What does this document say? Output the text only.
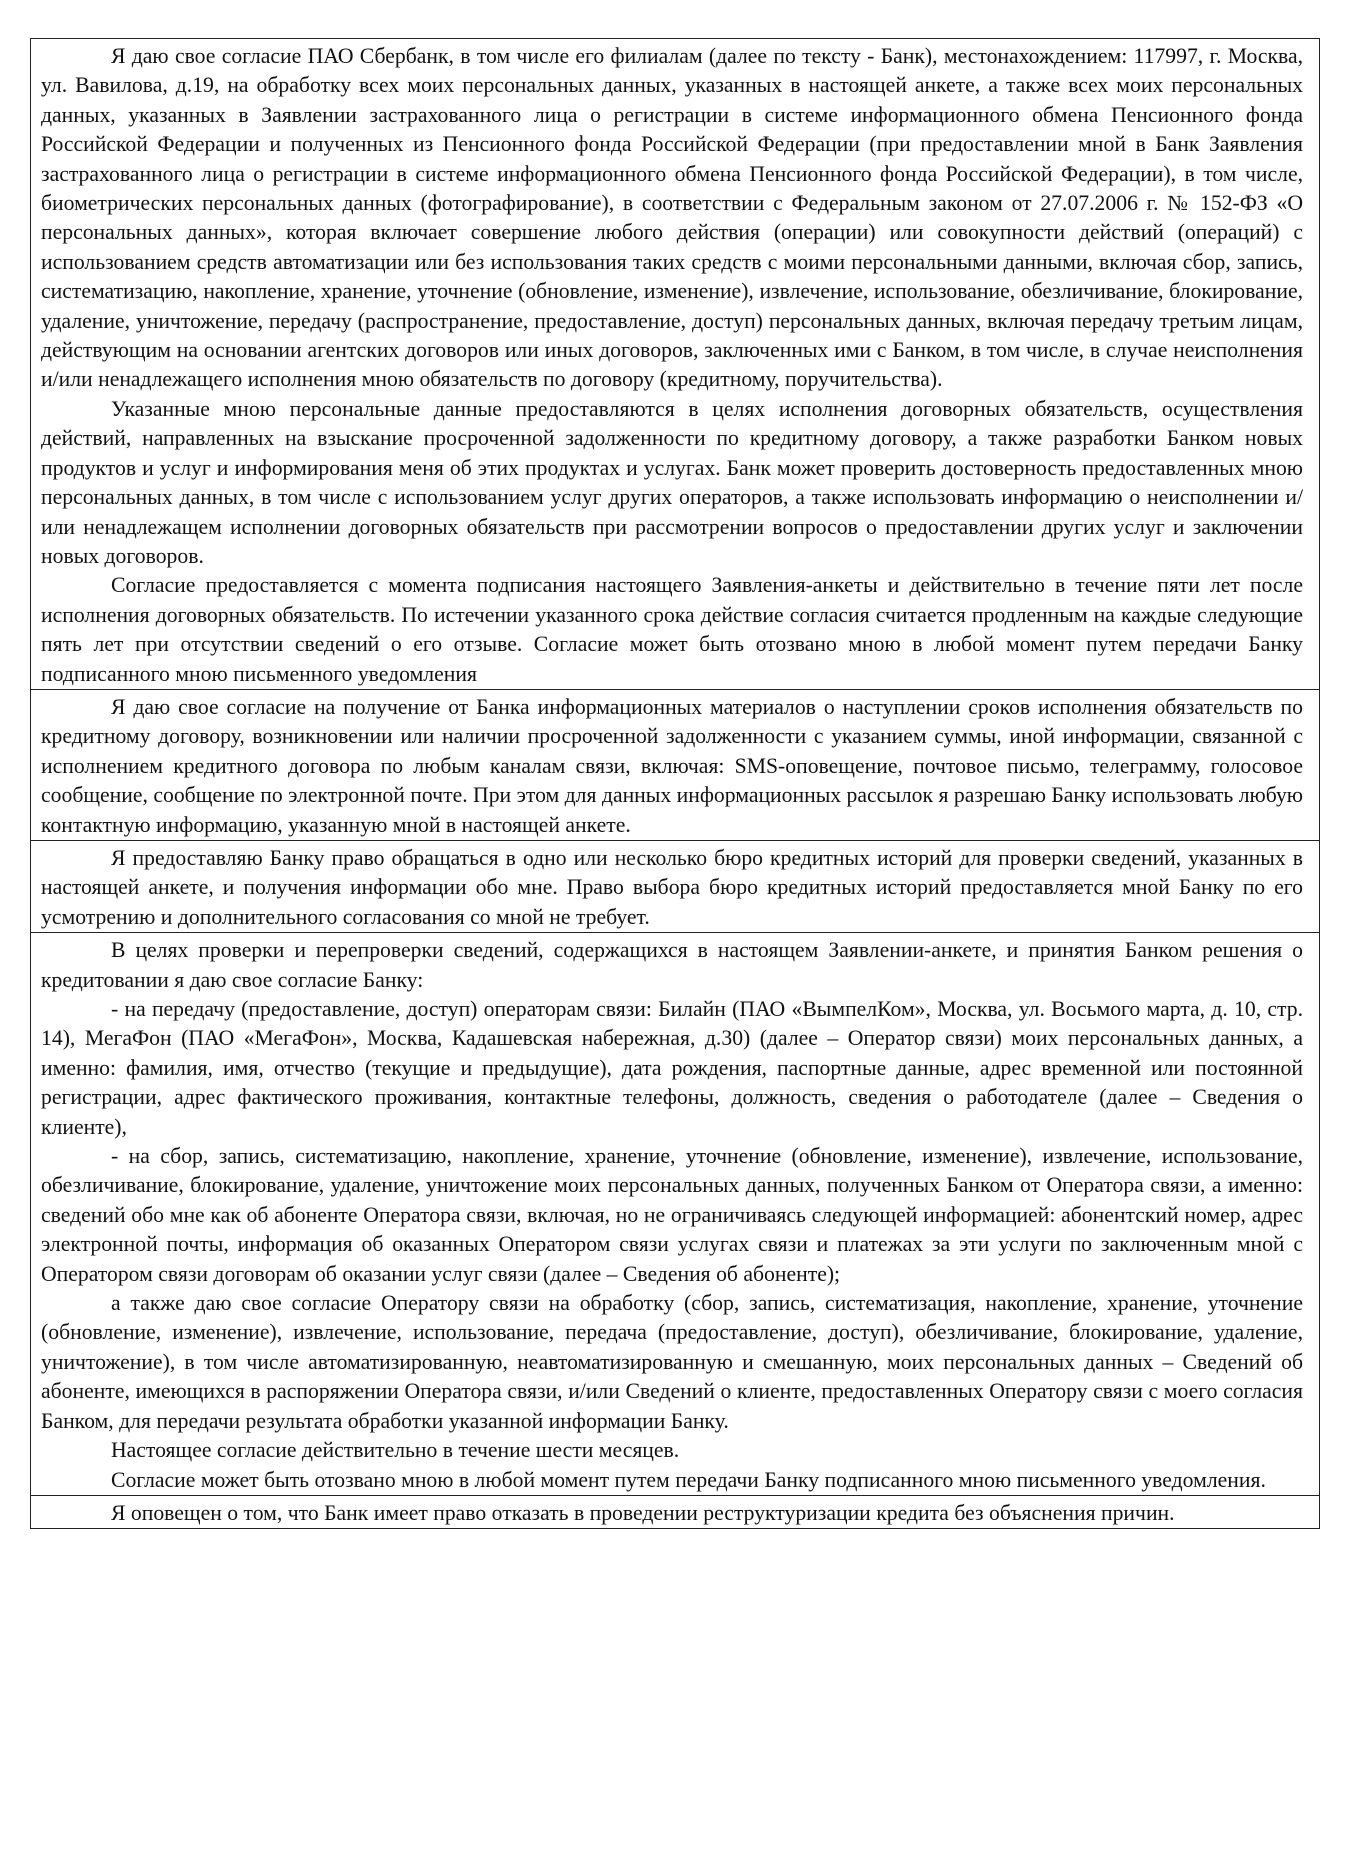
Я даю свое согласие ПАО Сбербанк, в том числе его филиалам (далее по тексту - Банк), местонахождением: 117997, г. Москва, ул. Вавилова, д.19, на обработку всех моих персональных данных, указанных в настоящей анкете, а также всех моих персональных данных, указанных в Заявлении застрахованного лица о регистрации в системе информационного обмена Пенсионного фонда Российской Федерации и полученных из Пенсионного фонда Российской Федерации (при предоставлении мной в Банк Заявления застрахованного лица о регистрации в системе информационного обмена Пенсионного фонда Российской Федерации), в том числе, биометрических персональных данных (фотографирование), в соответствии с Федеральным законом от 27.07.2006 г. № 152-ФЗ «О персональных данных», которая включает совершение любого действия (операции) или совокупности действий (операций) с использованием средств автоматизации или без использования таких средств с моими персональными данными, включая сбор, запись, систематизацию, накопление, хранение, уточнение (обновление, изменение), извлечение, использование, обезличивание, блокирование, удаление, уничтожение, передачу (распространение, предоставление, доступ) персональных данных, включая передачу третьим лицам, действующим на основании агентских договоров или иных договоров, заключенных ими с Банком, в том числе, в случае неисполнения и/или ненадлежащего исполнения мною обязательств по договору (кредитному, поручительства).

Указанные мною персональные данные предоставляются в целях исполнения договорных обязательств, осуществления действий, направленных на взыскание просроченной задолженности по кредитному договору, а также разработки Банком новых продуктов и услуг и информирования меня об этих продуктах и услугах. Банк может проверить достоверность предоставленных мною персональных данных, в том числе с использованием услуг других операторов, а также использовать информацию о неисполнении и/или ненадлежащем исполнении договорных обязательств при рассмотрении вопросов о предоставлении других услуг и заключении новых договоров.

Согласие предоставляется с момента подписания настоящего Заявления-анкеты и действительно в течение пяти лет после исполнения договорных обязательств. По истечении указанного срока действие согласия считается продленным на каждые следующие пять лет при отсутствии сведений о его отзыве. Согласие может быть отозвано мною в любой момент путем передачи Банку подписанного мною письменного уведомления

Я даю свое согласие на получение от Банка информационных материалов о наступлении сроков исполнения обязательств по кредитному договору, возникновении или наличии просроченной задолженности с указанием суммы, иной информации, связанной с исполнением кредитного договора по любым каналам связи, включая: SMS-оповещение, почтовое письмо, телеграмму, голосовое сообщение, сообщение по электронной почте. При этом для данных информационных рассылок я разрешаю Банку использовать любую контактную информацию, указанную мной в настоящей анкете.

Я предоставляю Банку право обращаться в одно или несколько бюро кредитных историй для проверки сведений, указанных в настоящей анкете, и получения информации обо мне. Право выбора бюро кредитных историй предоставляется мной Банку по его усмотрению и дополнительного согласования со мной не требует.

В целях проверки и перепроверки сведений, содержащихся в настоящем Заявлении-анкете, и принятия Банком решения о кредитовании я даю свое согласие Банку:

- на передачу (предоставление, доступ) операторам связи: Билайн (ПАО «ВымпелКом», Москва, ул. Восьмого марта, д. 10, стр. 14), МегаФон (ПАО «МегаФон», Москва, Кадашевская набережная, д.30) (далее – Оператор связи) моих персональных данных, а именно: фамилия, имя, отчество (текущие и предыдущие), дата рождения, паспортные данные, адрес временной или постоянной регистрации, адрес фактического проживания, контактные телефоны, должность, сведения о работодателе (далее – Сведения о клиенте),

- на сбор, запись, систематизацию, накопление, хранение, уточнение (обновление, изменение), извлечение, использование, обезличивание, блокирование, удаление, уничтожение моих персональных данных, полученных Банком от Оператора связи, а именно: сведений обо мне как об абоненте Оператора связи, включая, но не ограничиваясь следующей информацией: абонентский номер, адрес электронной почты, информация об оказанных Оператором связи услугах связи и платежах за эти услуги по заключенным мной с Оператором связи договорам об оказании услуг связи (далее – Сведения об абоненте);

а также даю свое согласие Оператору связи на обработку (сбор, запись, систематизация, накопление, хранение, уточнение (обновление, изменение), извлечение, использование, передача (предоставление, доступ), обезличивание, блокирование, удаление, уничтожение), в том числе автоматизированную, неавтоматизированную и смешанную, моих персональных данных – Сведений об абоненте, имеющихся в распоряжении Оператора связи, и/или Сведений о клиенте, предоставленных Оператору связи с моего согласия Банком, для передачи результата обработки указанной информации Банку.

Настоящее согласие действительно в течение шести месяцев.

Согласие может быть отозвано мною в любой момент путем передачи Банку подписанного мною письменного уведомления.

Я оповещен о том, что Банк имеет право отказать в проведении реструктуризации кредита без объяснения причин.
